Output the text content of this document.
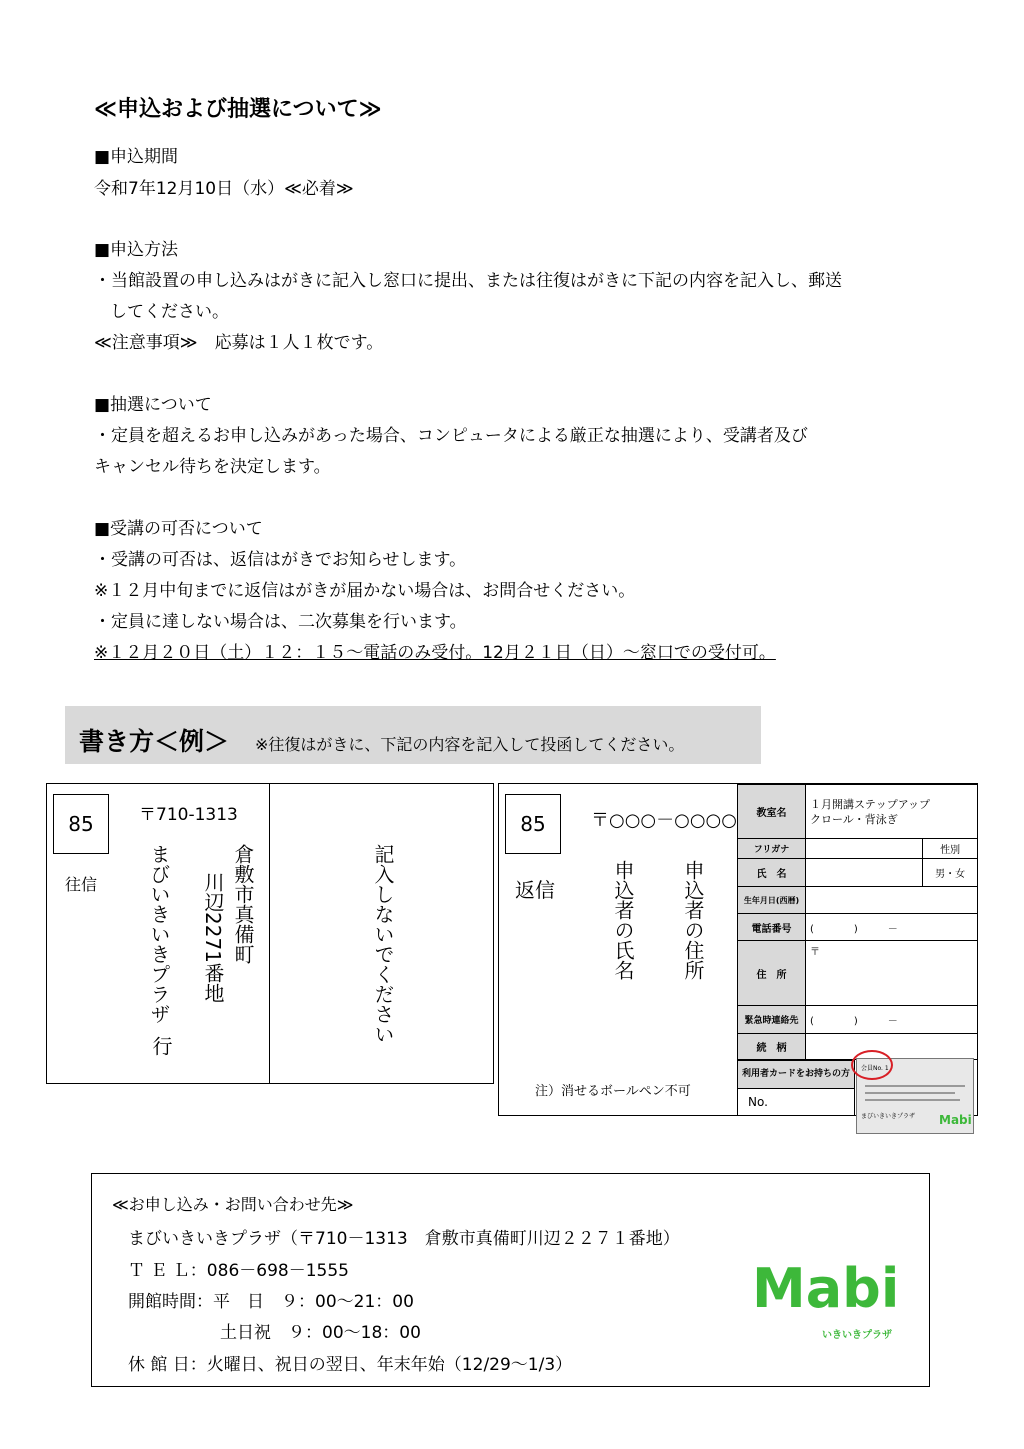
≪申込および抽選について≫
■申込期間
令和7年12月10日（水）≪必着≫
■申込方法
・当館設置の申し込みはがきに記入し窓口に提出、または往復はがきに下記の内容を記入し、郵送
してください。
≪注意事項≫　応募は１人１枚です。
■抽選について
・定員を超えるお申し込みがあった場合、コンピュータによる厳正な抽選により、受講者及び
キャンセル待ちを決定します。
■受講の可否について
・受講の可否は、返信はがきでお知らせします。
※１２月中旬までに返信はがきが届かない場合は、お問合せください。
・定員に達しない場合は、二次募集を行います。
※１２月２０日（土）１２：１５～電話のみ受付。12月２１日（日）～窓口での受付可。
書き方＜例＞ ※往復はがきに、下記の内容を記入して投函してください。
85
往信
〒710-1313
倉敷市真備町
川辺2271番地
まびいきいきプラザ
行
記入しないでください
85
返信
〒○○○－○○○○
申込者の住所
申込者の氏名
注）消せるボールペン不可
教室名	１月開講ステップアップ
クロール・背泳ぎ	

フリガナ		性別
氏　名		男・女
生年月日(西暦)		
電話番号	(　　　　)　　　－	
住　所	〒	
緊急時連絡先	(　　　　)　　　－	
続　柄		
利用者カードをお持ちの方
No.
会員No. 1
まびいきいきプラザ Mabi
≪お申し込み・お問い合わせ先≫
まびいきいきプラザ（〒710－1313　倉敷市真備町川辺２２７１番地）
Ｔ Ｅ Ｌ：086－698－1555
開館時間：平　日　９：00～21：00
土日祝　９：00～18：00
休 館 日：火曜日、祝日の翌日、年末年始（12/29～1/3）
Mabi
いきいきプラザ
